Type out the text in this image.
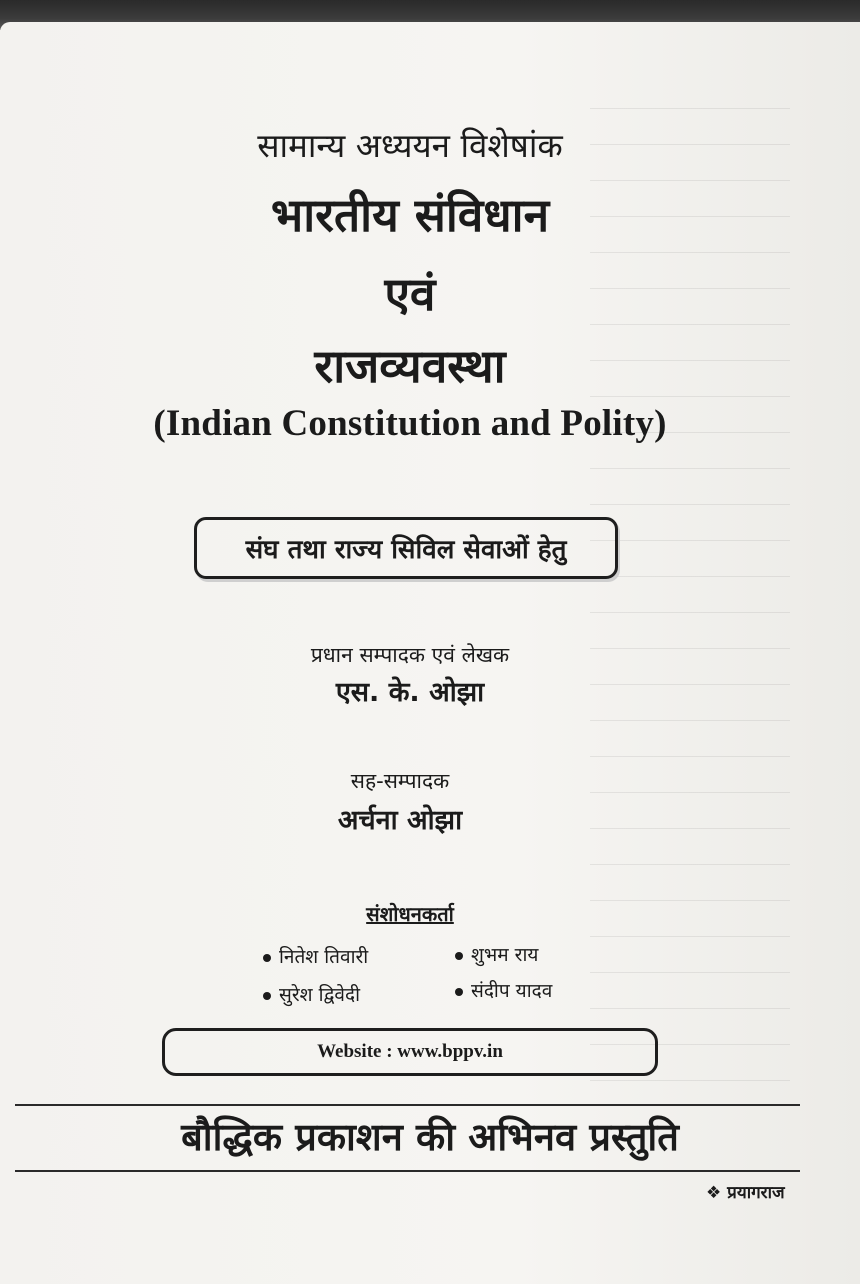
सामान्य अध्ययन विशेषांक
भारतीय संविधान
एवं
राजव्यवस्था
(Indian Constitution and Polity)
संघ तथा राज्य सिविल सेवाओं हेतु
प्रधान सम्पादक एवं लेखक
एस. के. ओझा
सह-सम्पादक
अर्चना ओझा
संशोधनकर्ता
नितेश तिवारी	शुभम राय
सुरेश द्विवेदी	संदीप यादव
Website : www.bppv.in
बौद्धिक प्रकाशन की अभिनव प्रस्तुति
❖ प्रयागराज
